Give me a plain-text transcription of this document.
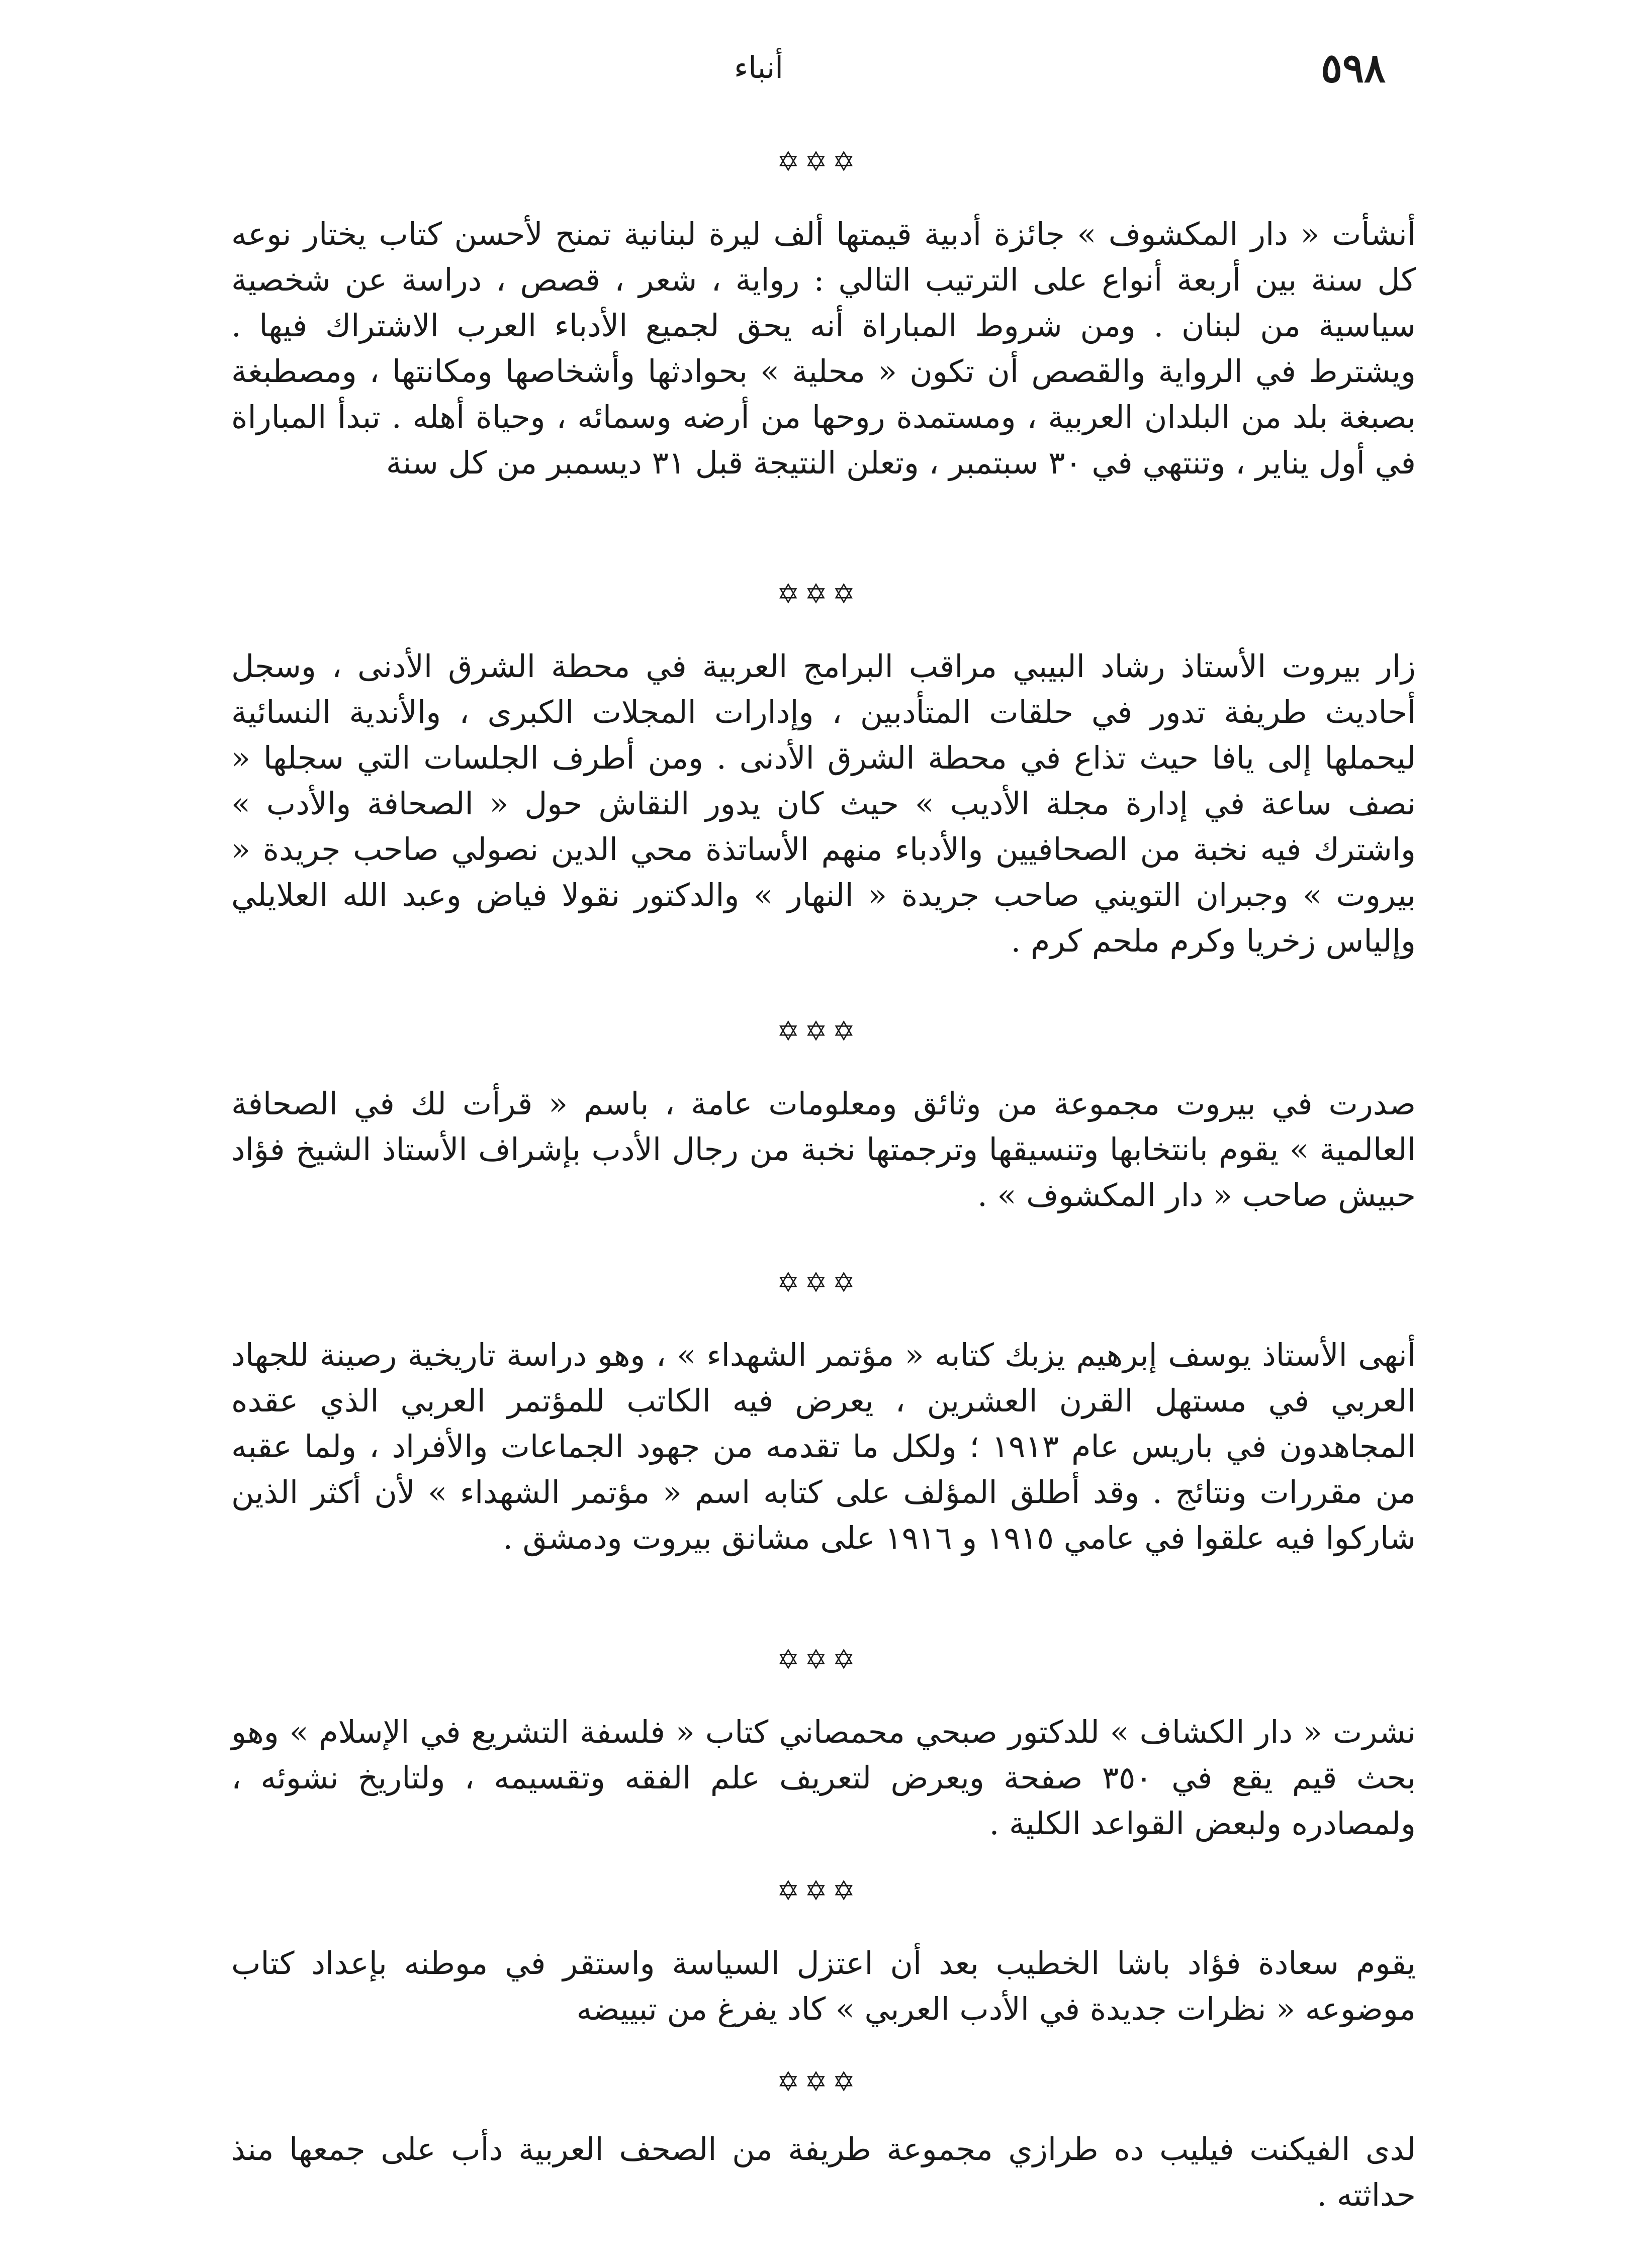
٥٩٨
أنباء
✡✡✡

أنشأت « دار المكشوف » جائزة أدبية قيمتها ألف ليرة لبنانية تمنح لأحسن كتاب يختار نوعه كل سنة بين أربعة أنواع على الترتيب التالي : رواية ، شعر ، قصص ، دراسة عن شخصية سياسية من لبنان . ومن شروط المباراة أنه يحق لجميع الأدباء العرب الاشتراك فيها . ويشترط في الرواية والقصص أن تكون « محلية » بحوادثها وأشخاصها ومكانتها ، ومصطبغة بصبغة بلد من البلدان العربية ، ومستمدة روحها من أرضه وسمائه ، وحياة أهله . تبدأ المباراة في أول يناير ، وتنتهي في ٣٠ سبتمبر ، وتعلن النتيجة قبل ٣١ ديسمبر من كل سنة

✡✡✡

زار بيروت الأستاذ رشاد البيبي مراقب البرامج العربية في محطة الشرق الأدنى ، وسجل أحاديث طريفة تدور في حلقات المتأدبين ، وإدارات المجلات الكبرى ، والأندية النسائية ليحملها إلى يافا حيث تذاع في محطة الشرق الأدنى . ومن أطرف الجلسات التي سجلها « نصف ساعة في إدارة مجلة الأديب » حيث كان يدور النقاش حول « الصحافة والأدب » واشترك فيه نخبة من الصحافيين والأدباء منهم الأساتذة محي الدين نصولي صاحب جريدة « بيروت » وجبران التويني صاحب جريدة « النهار » والدكتور نقولا فياض وعبد الله العلايلي وإلياس زخريا وكرم ملحم كرم .

✡✡✡

صدرت في بيروت مجموعة من وثائق ومعلومات عامة ، باسم « قرأت لك في الصحافة العالمية » يقوم بانتخابها وتنسيقها وترجمتها نخبة من رجال الأدب بإشراف الأستاذ الشيخ فؤاد حبيش صاحب « دار المكشوف » .

✡✡✡

أنهى الأستاذ يوسف إبرهيم يزبك كتابه « مؤتمر الشهداء » ، وهو دراسة تاريخية رصينة للجهاد العربي في مستهل القرن العشرين ، يعرض فيه الكاتب للمؤتمر العربي الذي عقده المجاهدون في باريس عام ١٩١٣ ؛ ولكل ما تقدمه من جهود الجماعات والأفراد ، ولما عقبه من مقررات ونتائج . وقد أطلق المؤلف على كتابه اسم « مؤتمر الشهداء » لأن أكثر الذين شاركوا فيه علقوا في عامي ١٩١٥ و ١٩١٦ على مشانق بيروت ودمشق .

✡✡✡

نشرت « دار الكشاف » للدكتور صبحي محمصاني كتاب « فلسفة التشريع في الإسلام » وهو بحث قيم يقع في ٣٥٠ صفحة ويعرض لتعريف علم الفقه وتقسيمه ، ولتاريخ نشوئه ، ولمصادره ولبعض القواعد الكلية .

✡✡✡

يقوم سعادة فؤاد باشا الخطيب بعد أن اعتزل السياسة واستقر في موطنه بإعداد كتاب موضوعه « نظرات جديدة في الأدب العربي » كاد يفرغ من تبييضه

✡✡✡

لدى الفيكنت فيليب ده طرازي مجموعة طريفة من الصحف العربية دأب على جمعها منذ حداثته .
